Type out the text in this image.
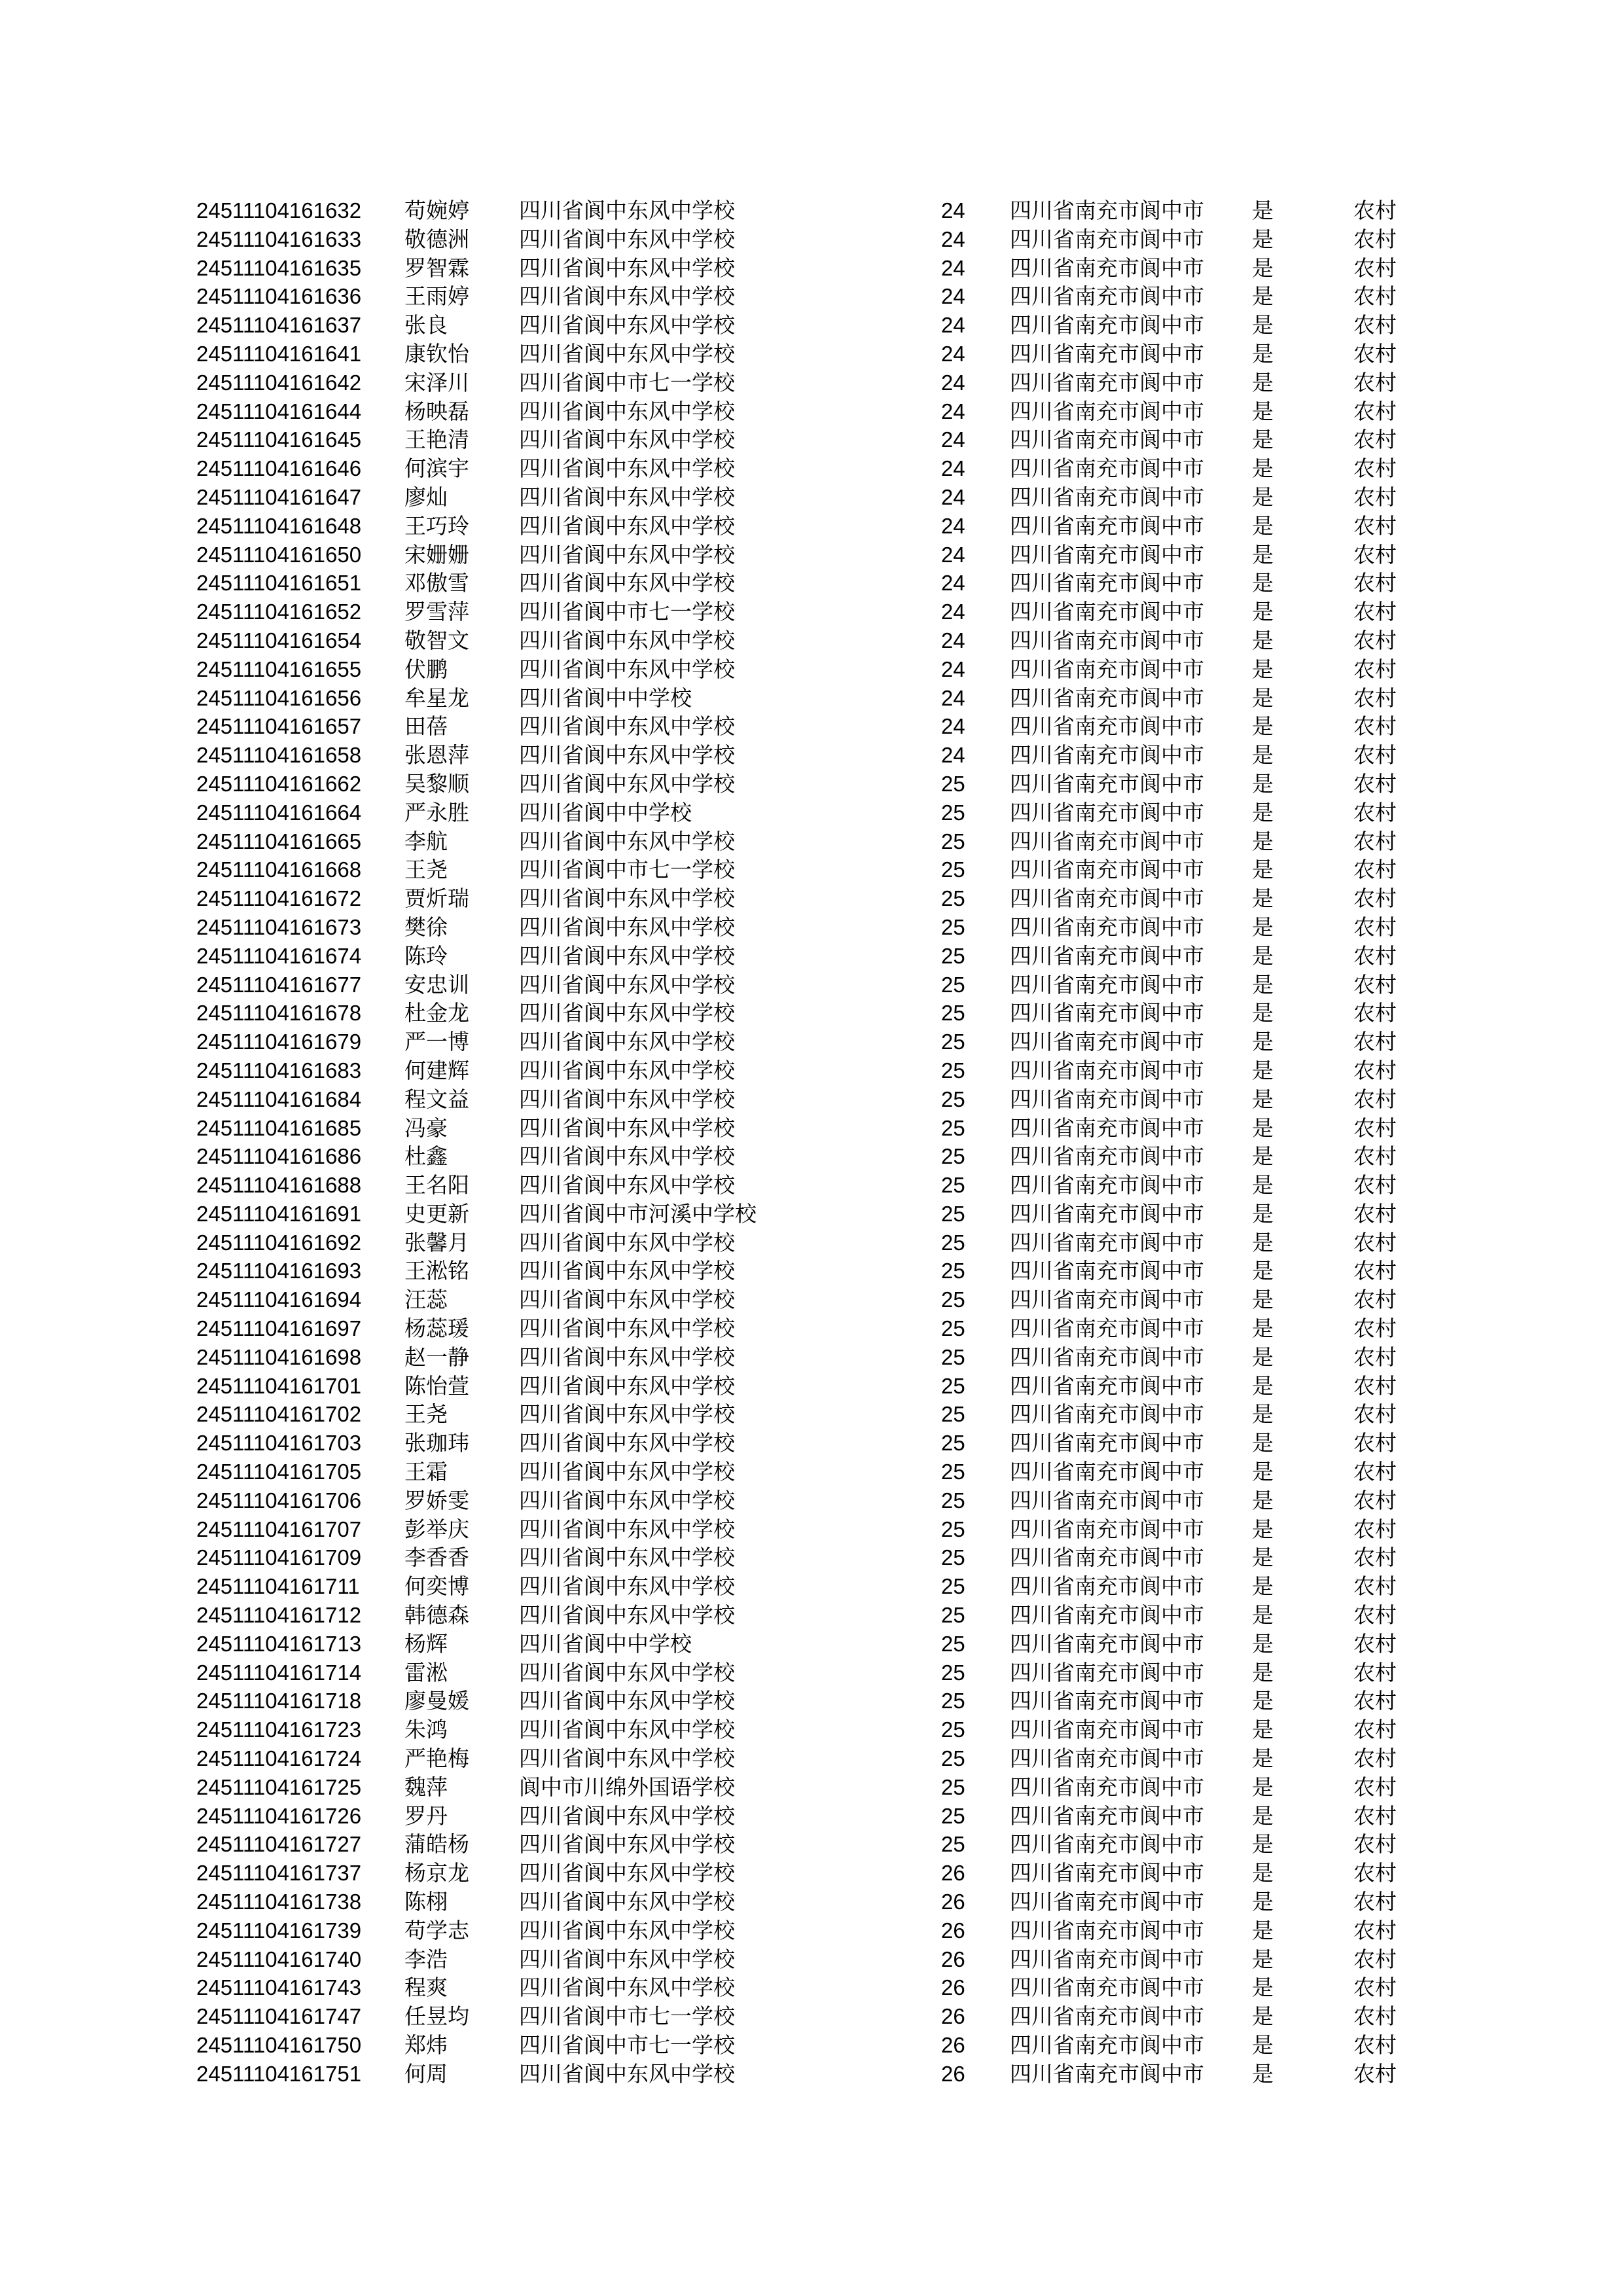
24511104161632	苟婉婷	四川省阆中东风中学校	24	四川省南充市阆中市	是	农村
24511104161633	敬德洲	四川省阆中东风中学校	24	四川省南充市阆中市	是	农村
24511104161635	罗智霖	四川省阆中东风中学校	24	四川省南充市阆中市	是	农村
24511104161636	王雨婷	四川省阆中东风中学校	24	四川省南充市阆中市	是	农村
24511104161637	张良	四川省阆中东风中学校	24	四川省南充市阆中市	是	农村
24511104161641	康钦怡	四川省阆中东风中学校	24	四川省南充市阆中市	是	农村
24511104161642	宋泽川	四川省阆中市七一学校	24	四川省南充市阆中市	是	农村
24511104161644	杨映磊	四川省阆中东风中学校	24	四川省南充市阆中市	是	农村
24511104161645	王艳清	四川省阆中东风中学校	24	四川省南充市阆中市	是	农村
24511104161646	何滨宇	四川省阆中东风中学校	24	四川省南充市阆中市	是	农村
24511104161647	廖灿	四川省阆中东风中学校	24	四川省南充市阆中市	是	农村
24511104161648	王巧玲	四川省阆中东风中学校	24	四川省南充市阆中市	是	农村
24511104161650	宋姗姗	四川省阆中东风中学校	24	四川省南充市阆中市	是	农村
24511104161651	邓傲雪	四川省阆中东风中学校	24	四川省南充市阆中市	是	农村
24511104161652	罗雪萍	四川省阆中市七一学校	24	四川省南充市阆中市	是	农村
24511104161654	敬智文	四川省阆中东风中学校	24	四川省南充市阆中市	是	农村
24511104161655	伏鹏	四川省阆中东风中学校	24	四川省南充市阆中市	是	农村
24511104161656	牟星龙	四川省阆中中学校	24	四川省南充市阆中市	是	农村
24511104161657	田蓓	四川省阆中东风中学校	24	四川省南充市阆中市	是	农村
24511104161658	张恩萍	四川省阆中东风中学校	24	四川省南充市阆中市	是	农村
24511104161662	吴黎顺	四川省阆中东风中学校	25	四川省南充市阆中市	是	农村
24511104161664	严永胜	四川省阆中中学校	25	四川省南充市阆中市	是	农村
24511104161665	李航	四川省阆中东风中学校	25	四川省南充市阆中市	是	农村
24511104161668	王尧	四川省阆中市七一学校	25	四川省南充市阆中市	是	农村
24511104161672	贾炘瑞	四川省阆中东风中学校	25	四川省南充市阆中市	是	农村
24511104161673	樊徐	四川省阆中东风中学校	25	四川省南充市阆中市	是	农村
24511104161674	陈玲	四川省阆中东风中学校	25	四川省南充市阆中市	是	农村
24511104161677	安忠训	四川省阆中东风中学校	25	四川省南充市阆中市	是	农村
24511104161678	杜金龙	四川省阆中东风中学校	25	四川省南充市阆中市	是	农村
24511104161679	严一博	四川省阆中东风中学校	25	四川省南充市阆中市	是	农村
24511104161683	何建辉	四川省阆中东风中学校	25	四川省南充市阆中市	是	农村
24511104161684	程文益	四川省阆中东风中学校	25	四川省南充市阆中市	是	农村
24511104161685	冯豪	四川省阆中东风中学校	25	四川省南充市阆中市	是	农村
24511104161686	杜鑫	四川省阆中东风中学校	25	四川省南充市阆中市	是	农村
24511104161688	王名阳	四川省阆中东风中学校	25	四川省南充市阆中市	是	农村
24511104161691	史更新	四川省阆中市河溪中学校	25	四川省南充市阆中市	是	农村
24511104161692	张馨月	四川省阆中东风中学校	25	四川省南充市阆中市	是	农村
24511104161693	王淞铭	四川省阆中东风中学校	25	四川省南充市阆中市	是	农村
24511104161694	汪蕊	四川省阆中东风中学校	25	四川省南充市阆中市	是	农村
24511104161697	杨蕊瑗	四川省阆中东风中学校	25	四川省南充市阆中市	是	农村
24511104161698	赵一静	四川省阆中东风中学校	25	四川省南充市阆中市	是	农村
24511104161701	陈怡萱	四川省阆中东风中学校	25	四川省南充市阆中市	是	农村
24511104161702	王尧	四川省阆中东风中学校	25	四川省南充市阆中市	是	农村
24511104161703	张珈玮	四川省阆中东风中学校	25	四川省南充市阆中市	是	农村
24511104161705	王霜	四川省阆中东风中学校	25	四川省南充市阆中市	是	农村
24511104161706	罗娇雯	四川省阆中东风中学校	25	四川省南充市阆中市	是	农村
24511104161707	彭举庆	四川省阆中东风中学校	25	四川省南充市阆中市	是	农村
24511104161709	李香香	四川省阆中东风中学校	25	四川省南充市阆中市	是	农村
24511104161711	何奕博	四川省阆中东风中学校	25	四川省南充市阆中市	是	农村
24511104161712	韩德森	四川省阆中东风中学校	25	四川省南充市阆中市	是	农村
24511104161713	杨辉	四川省阆中中学校	25	四川省南充市阆中市	是	农村
24511104161714	雷淞	四川省阆中东风中学校	25	四川省南充市阆中市	是	农村
24511104161718	廖曼媛	四川省阆中东风中学校	25	四川省南充市阆中市	是	农村
24511104161723	朱鸿	四川省阆中东风中学校	25	四川省南充市阆中市	是	农村
24511104161724	严艳梅	四川省阆中东风中学校	25	四川省南充市阆中市	是	农村
24511104161725	魏萍	阆中市川绵外国语学校	25	四川省南充市阆中市	是	农村
24511104161726	罗丹	四川省阆中东风中学校	25	四川省南充市阆中市	是	农村
24511104161727	蒲皓杨	四川省阆中东风中学校	25	四川省南充市阆中市	是	农村
24511104161737	杨京龙	四川省阆中东风中学校	26	四川省南充市阆中市	是	农村
24511104161738	陈栩	四川省阆中东风中学校	26	四川省南充市阆中市	是	农村
24511104161739	苟学志	四川省阆中东风中学校	26	四川省南充市阆中市	是	农村
24511104161740	李浩	四川省阆中东风中学校	26	四川省南充市阆中市	是	农村
24511104161743	程爽	四川省阆中东风中学校	26	四川省南充市阆中市	是	农村
24511104161747	任昱均	四川省阆中市七一学校	26	四川省南充市阆中市	是	农村
24511104161750	郑炜	四川省阆中市七一学校	26	四川省南充市阆中市	是	农村
24511104161751	何周	四川省阆中东风中学校	26	四川省南充市阆中市	是	农村
